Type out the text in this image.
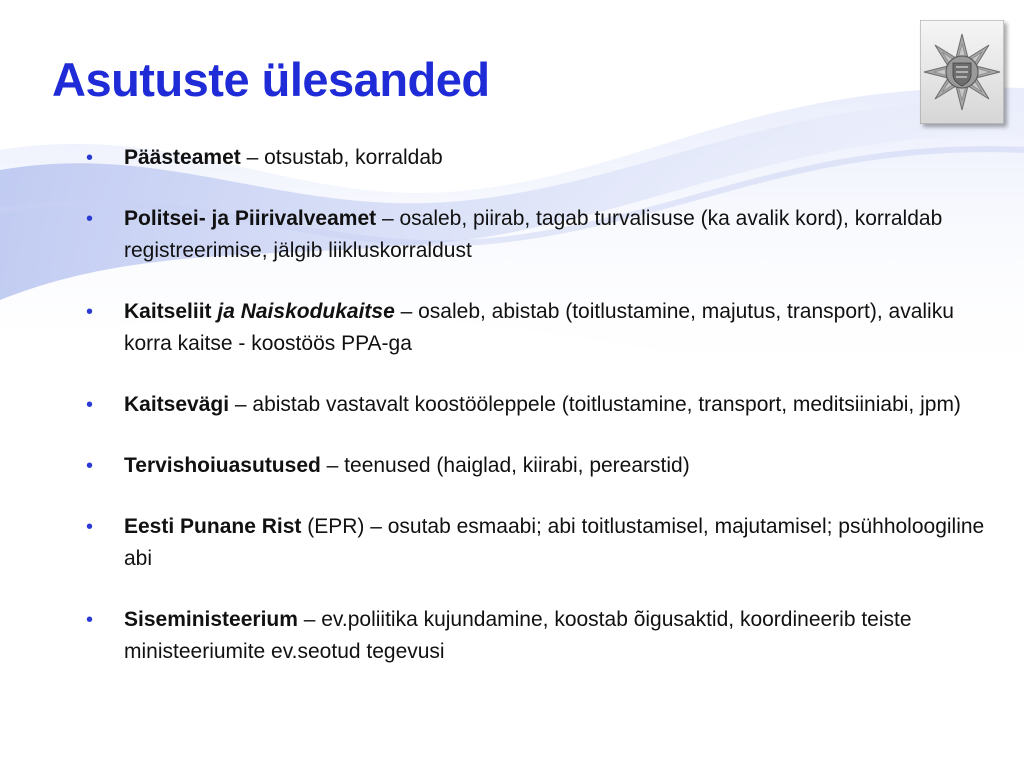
Asutuste ülesanded
• Päästeamet – otsustab, korraldab
• Politsei- ja Piirivalveamet – osaleb, piirab, tagab turvalisuse (ka avalik kord), korraldab registreerimise, jälgib liikluskorraldust
• Kaitseliit ja Naiskodukaitse – osaleb, abistab (toitlustamine, majutus, transport), avaliku korra kaitse - koostöös PPA-ga
• Kaitsevägi – abistab vastavalt koostööleppele (toitlustamine, transport, meditsiiniabi, jpm)
• Tervishoiuasutused – teenused (haiglad, kiirabi, perearstid)
• Eesti Punane Rist (EPR) – osutab esmaabi; abi toitlustamisel, majutamisel; psühholoogiline abi
• Siseministeerium – ev.poliitika kujundamine, koostab õigusaktid, koordineerib teiste ministeeriumite ev.seotud tegevusi
